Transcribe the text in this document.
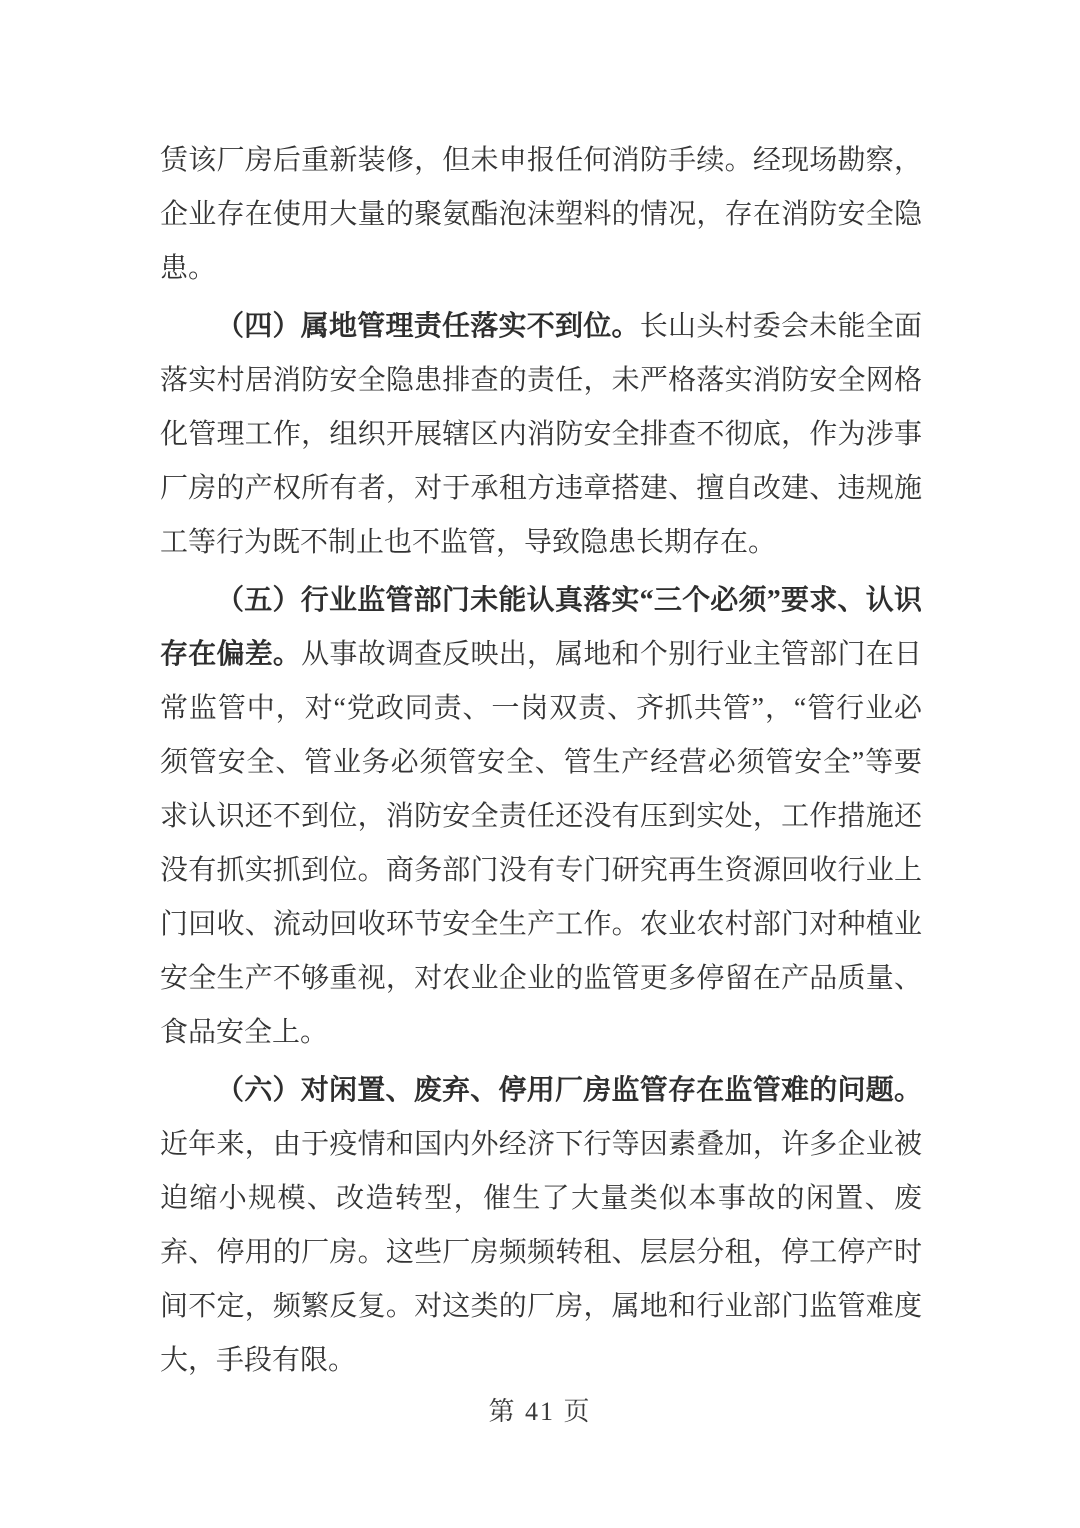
赁该厂房后重新装修，但未申报任何消防手续。经现场勘察，企业存在使用大量的聚氨酯泡沫塑料的情况，存在消防安全隐患。

（四）属地管理责任落实不到位。长山头村委会未能全面落实村居消防安全隐患排查的责任，未严格落实消防安全网格化管理工作，组织开展辖区内消防安全排查不彻底，作为涉事厂房的产权所有者，对于承租方违章搭建、擅自改建、违规施工等行为既不制止也不监管，导致隐患长期存在。

（五）行业监管部门未能认真落实“三个必须”要求、认识存在偏差。从事故调查反映出，属地和个别行业主管部门在日常监管中，对“党政同责、一岗双责、齐抓共管”，“管行业必须管安全、管业务必须管安全、管生产经营必须管安全”等要求认识还不到位，消防安全责任还没有压到实处，工作措施还没有抓实抓到位。商务部门没有专门研究再生资源回收行业上门回收、流动回收环节安全生产工作。农业农村部门对种植业安全生产不够重视，对农业企业的监管更多停留在产品质量、食品安全上。

（六）对闲置、废弃、停用厂房监管存在监管难的问题。近年来，由于疫情和国内外经济下行等因素叠加，许多企业被迫缩小规模、改造转型，催生了大量类似本事故的闲置、废弃、停用的厂房。这些厂房频频转租、层层分租，停工停产时间不定，频繁反复。对这类的厂房，属地和行业部门监管难度大，手段有限。

第 41 页
